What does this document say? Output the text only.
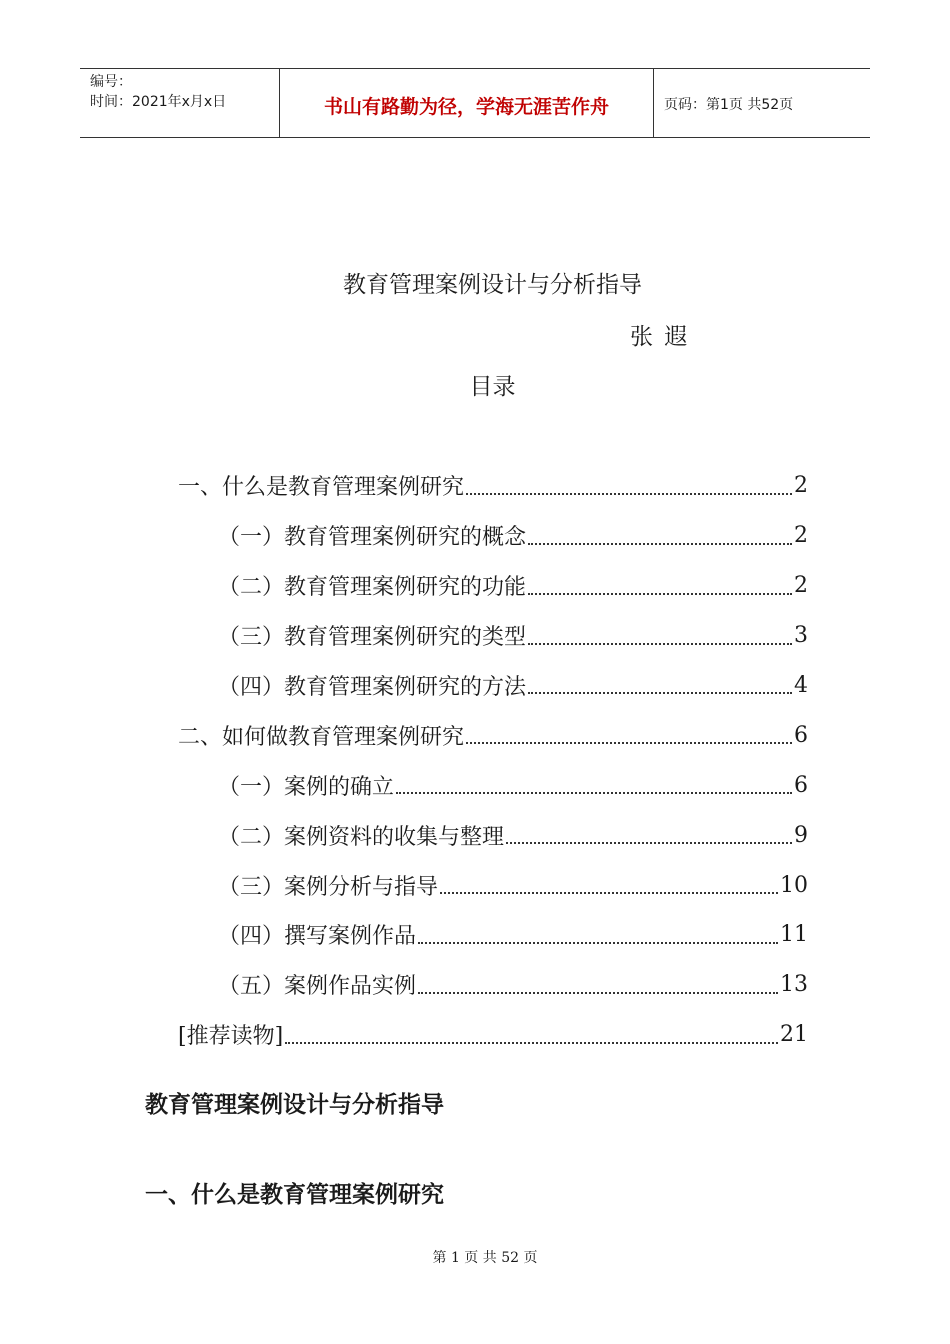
编号：
时间：2021年x月x日	书山有路勤为径，学海无涯苦作舟	页码：第1页 共52页
教育管理案例设计与分析指导
张 遐
目录
一、什么是教育管理案例研究	2
（一）教育管理案例研究的概念	2
（二）教育管理案例研究的功能	2
（三）教育管理案例研究的类型	3
（四）教育管理案例研究的方法	4
二、如何做教育管理案例研究	6
（一）案例的确立	6
（二）案例资料的收集与整理	9
（三）案例分析与指导	10
（四）撰写案例作品	11
（五）案例作品实例	13
[推荐读物]	21
教育管理案例设计与分析指导
一、什么是教育管理案例研究
第 1 页 共 52 页
